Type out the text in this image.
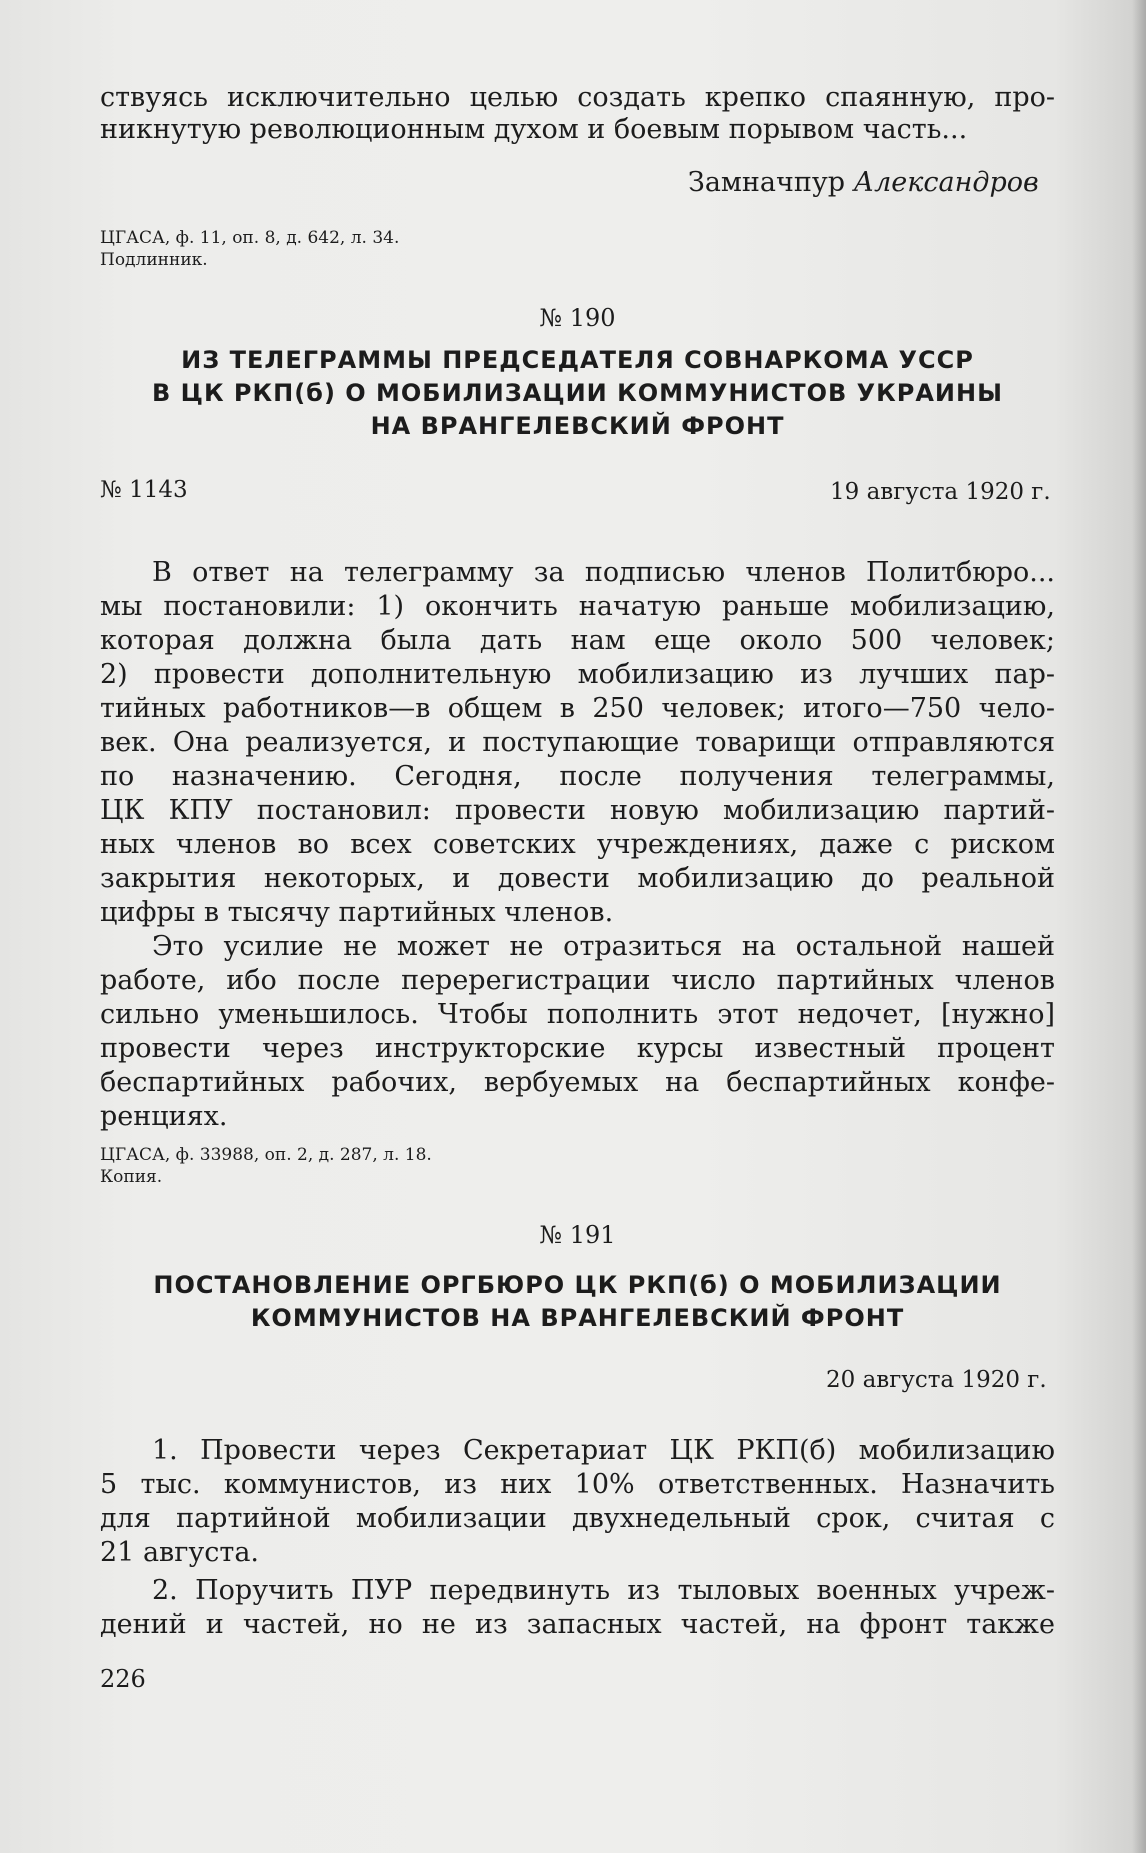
ствуясь исключительно целью создать крепко спаянную, про-
никнутую революционным духом и боевым порывом часть...
Замначпур Александров
ЦГАСА, ф. 11, оп. 8, д. 642, л. 34.
Подлинник.
№ 190
ИЗ ТЕЛЕГРАММЫ ПРЕДСЕДАТЕЛЯ СОВНАРКОМА УССР
В ЦК РКП(б) О МОБИЛИЗАЦИИ КОММУНИСТОВ УКРАИНЫ
НА ВРАНГЕЛЕВСКИЙ ФРОНТ
№ 1143	19 августа 1920 г.
В ответ на телеграмму за подписью членов Политбюро...
мы постановили: 1) окончить начатую раньше мобилизацию,
которая должна была дать нам еще около 500 человек;
2) провести дополнительную мобилизацию из лучших пар-
тийных работников—в общем в 250 человек; итого—750 чело-
век. Она реализуется, и поступающие товарищи отправляются
по назначению. Сегодня, после получения телеграммы,
ЦК КПУ постановил: провести новую мобилизацию партий-
ных членов во всех советских учреждениях, даже с риском
закрытия некоторых, и довести мобилизацию до реальной
цифры в тысячу партийных членов.
Это усилие не может не отразиться на остальной нашей
работе, ибо после перерегистрации число партийных членов
сильно уменьшилось. Чтобы пополнить этот недочет, [нужно]
провести через инструкторские курсы известный процент
беспартийных рабочих, вербуемых на беспартийных конфе-
ренциях.
ЦГАСА, ф. 33988, оп. 2, д. 287, л. 18.
Копия.
№ 191
ПОСТАНОВЛЕНИЕ ОРГБЮРО ЦК РКП(б) О МОБИЛИЗАЦИИ
КОММУНИСТОВ НА ВРАНГЕЛЕВСКИЙ ФРОНТ
20 августа 1920 г.
1. Провести через Секретариат ЦК РКП(б) мобилизацию
5 тыс. коммунистов, из них 10% ответственных. Назначить
для партийной мобилизации двухнедельный срок, считая с
21 августа.
2. Поручить ПУР передвинуть из тыловых военных учреж-
дений и частей, но не из запасных частей, на фронт также
226
